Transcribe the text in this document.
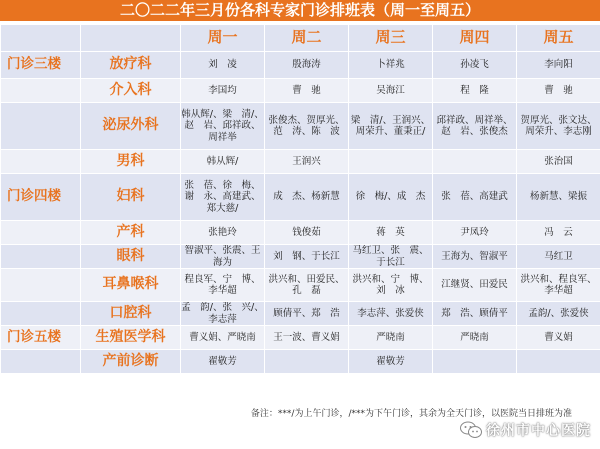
二〇二二年三月份各科专家门诊排班表（周一至周五）
		周一	周二	周三	周四	周五
门诊三楼	放疗科	刘　凌	殷海涛	卜祥兆	孙凌飞	李向阳
	介入科	李国均	曹　驰	吴海江	程　隆	曹　驰
	泌尿外科	韩从辉/、梁　清/、赵　岩、邱祥政、周祥举	张俊杰、贺厚光、范　涛、陈　波	梁　清/、王润兴、周荣升、董秉正/	邱祥政、周祥举、赵　岩、张俊杰	贺厚光、张文达、周荣升、李志刚
	男科	韩从辉/	王润兴			张治国
门诊四楼	妇科	张　蓓、徐　梅、谢　永、高建武、郑大慈/	成　杰、杨新慧	徐　梅/、成　杰	张　蓓、高建武	杨新慧、梁振
	产科	张艳玲	钱俊茹	蒋　英	尹凤玲	冯　云
	眼科	智淑平、张震、王海为	刘　钢、于长江	马红卫、张　震、于长江	王海为、智淑平	马红卫
	耳鼻喉科	程良军、宁　博、李华超	洪兴和、田爱民、孔　磊	洪兴和、宁　博、刘　冰	江继贤、田爱民	洪兴和、程良军、李华超
	口腔科	孟　韵/、张　兴/、李志萍	顾倩平、郑　浩	李志萍、张爱侠	郑　浩、顾倩平	孟韵/、张爱侠
门诊五楼	生殖医学科	曹义娟、严晓南	王一波、曹义娟	严晓南	严晓南	曹义娟
	产前诊断	翟敬芳		翟敬芳		
备注：***/为上午门诊，/***为下午门诊，其余为全天门诊，以医院当日排班为准
徐州市中心医院
